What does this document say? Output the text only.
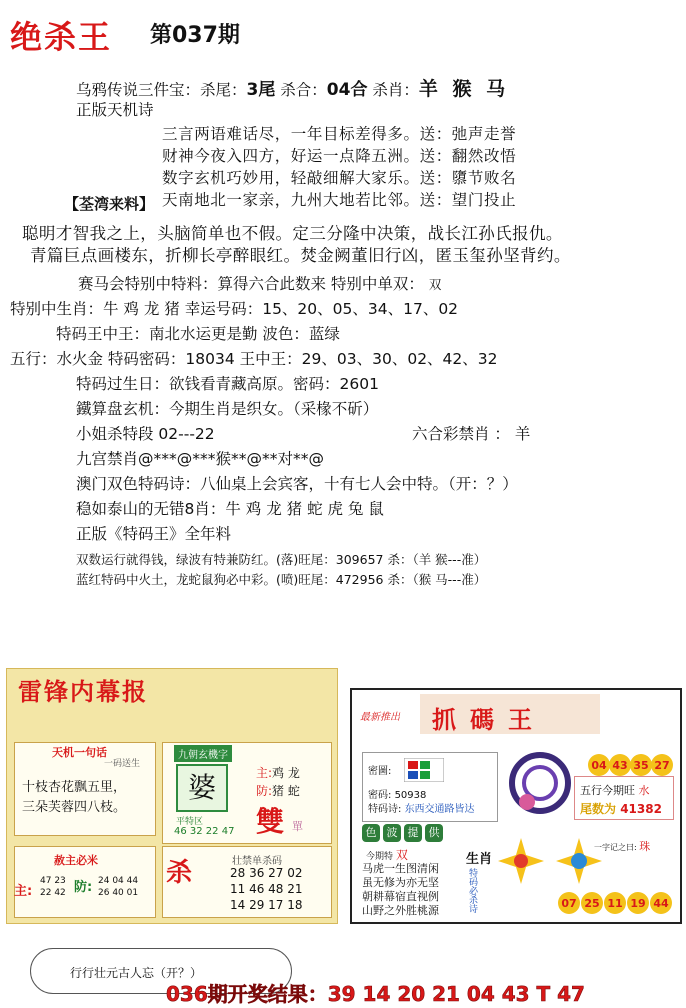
绝杀王 第037期
乌鸦传说三件宝：杀尾：3尾 杀合：04合 杀肖：羊 猴 马
正版天机诗
三言两语难话尽，一年目标差得多。送：弛声走誉
财神今夜入四方，好运一点降五洲。送：翻然改悟
数字玄机巧妙用，轻敲细解大家乐。送：隳节败名
天南地北一家亲，九州大地若比邻。送：望门投止
【荃湾来料】
聪明才智我之上，头脑简单也不假。定三分隆中决策，战长江孙氏报仇。
青篇巨点画楼东，折柳长亭醉眼红。焚金阙董旧行凶，匿玉玺孙坚背约。
赛马会特别中特料：算得六合此数来 特别中单双： 双
特别中生肖：牛 鸡 龙 猪 幸运号码：15、20、05、34、17、02
特码王中王：南北水运更是勤 波色：蓝绿
五行：水火金 特码密码：18034 王中王：29、03、30、02、42、32
特码过生日：欲钱看青藏高原。密码：2601
鐵算盘玄机：今期生肖是织女。（采椽不斫）
小姐杀特段 02---22	六合彩禁肖 ： 羊
九宫禁肖@***@***猴**@**对**@
澳门双色特码诗：八仙桌上会宾客，十有七人会中特。（开：？）
稳如泰山的无错8肖：牛 鸡 龙 猪 蛇 虎 兔 鼠
正版《特码王》全年料
双数运行就得钱，绿波有特兼防红。(落)旺尾：309657 杀：（羊 猴---准）
蓝红特码中火土，龙蛇鼠狗必中彩。(喷)旺尾：472956 杀：（猴 马---准）
雷锋内幕报
天机一句话
一码送生
十枝杏花飘五里，
三朵芙蓉四八枝。
九朝玄機字
婆	主:鸡 龙
防:猪 蛇
平特区
46 32 22 47 雙 單
赦主必米
主:
47 23
22 42 防: 24 04 44
26 40 01
杀	壮禁单杀码
28 36 27 02
11 46 48 21
14 29 17 18
最新推出 抓碼王
密圖:
密码: 50938
特码诗: 东西交通路皆达
五行今期旺 水
尾数为 41382
色 波 提 供
今期特 双
马虎一生图清闲
虽无修为亦无坚
朝耕幕宿直视例
山野之外胜桃源
生肖
特码必杀诗
一字记之曰: 珠
04 43 35 27
07 25 11 19 44
行行壮元古人忘（开？）
036期开奖结果：39 14 20 21 04 43 T 47
